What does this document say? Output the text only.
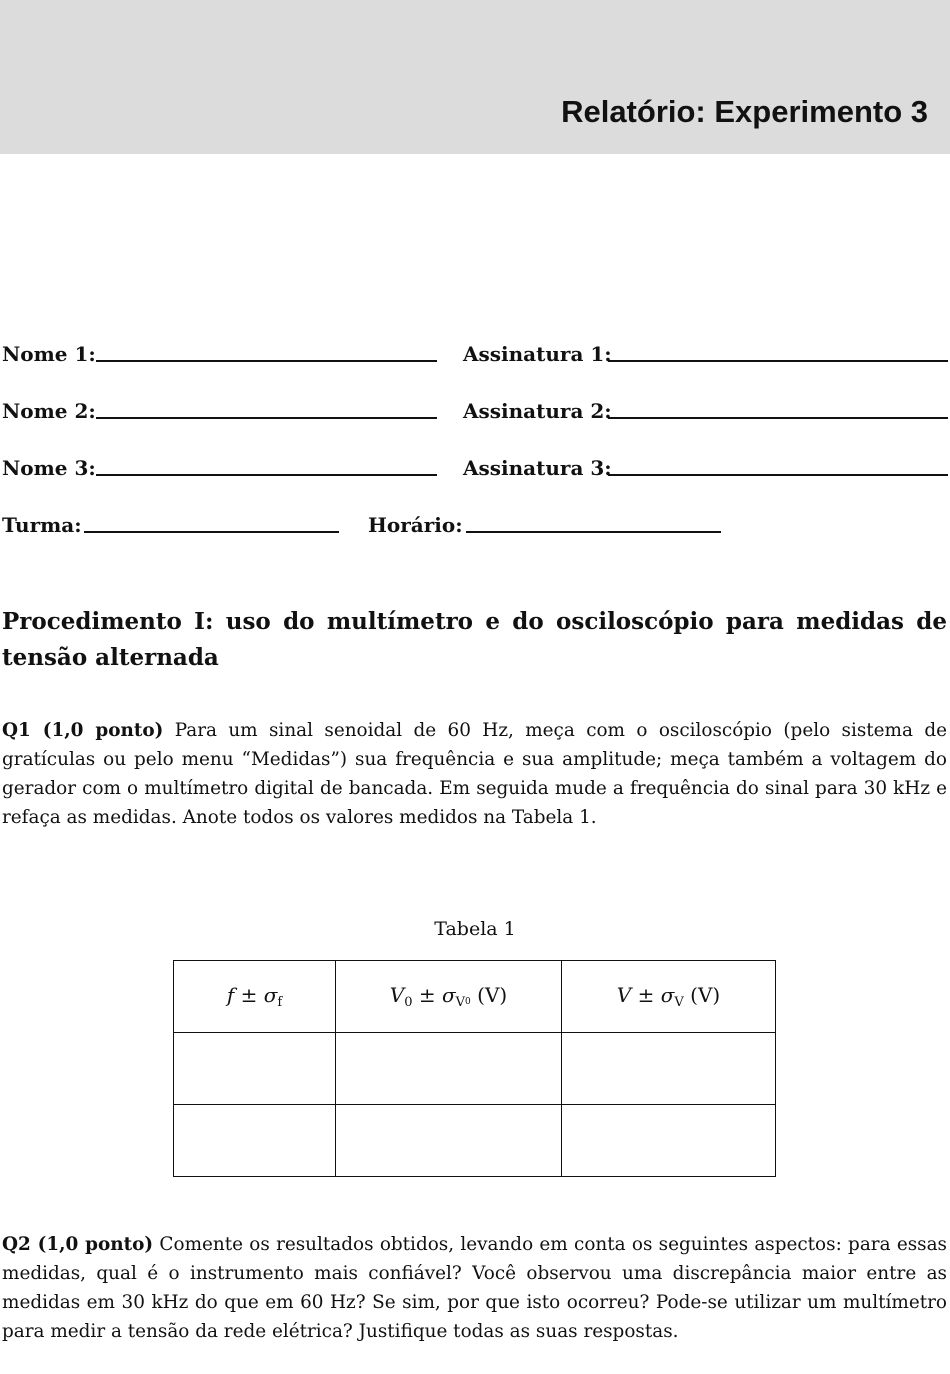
Relatório: Experimento 3
Nome 1:	Assinatura 1:
Nome 2:	Assinatura 2:
Nome 3:	Assinatura 3:
Turma:	Horário:
Procedimento I: uso do multímetro e do osciloscópio para medidas de tensão alternada

Q1 (1,0 ponto) Para um sinal senoidal de 60 Hz, meça com o osciloscópio (pelo sistema de gratículas ou pelo menu “Medidas”) sua frequência e sua amplitude; meça também a voltagem do gerador com o multímetro digital de bancada. Em seguida mude a frequência do sinal para 30 kHz e refaça as medidas. Anote todos os valores medidos na Tabela 1.

Tabela 1

$f \pm \sigma_f$	$V_0 \pm \sigma_V0$ (V)	$V \pm \sigma_V$ (V)

Q2 (1,0 ponto) Comente os resultados obtidos, levando em conta os seguintes aspectos: para essas medidas, qual é o instrumento mais confiável? Você observou uma discrepância maior entre as medidas em 30 kHz do que em 60 Hz? Se sim, por que isto ocorreu? Pode-se utilizar um multímetro para medir a tensão da rede elétrica? Justifique todas as suas respostas.
